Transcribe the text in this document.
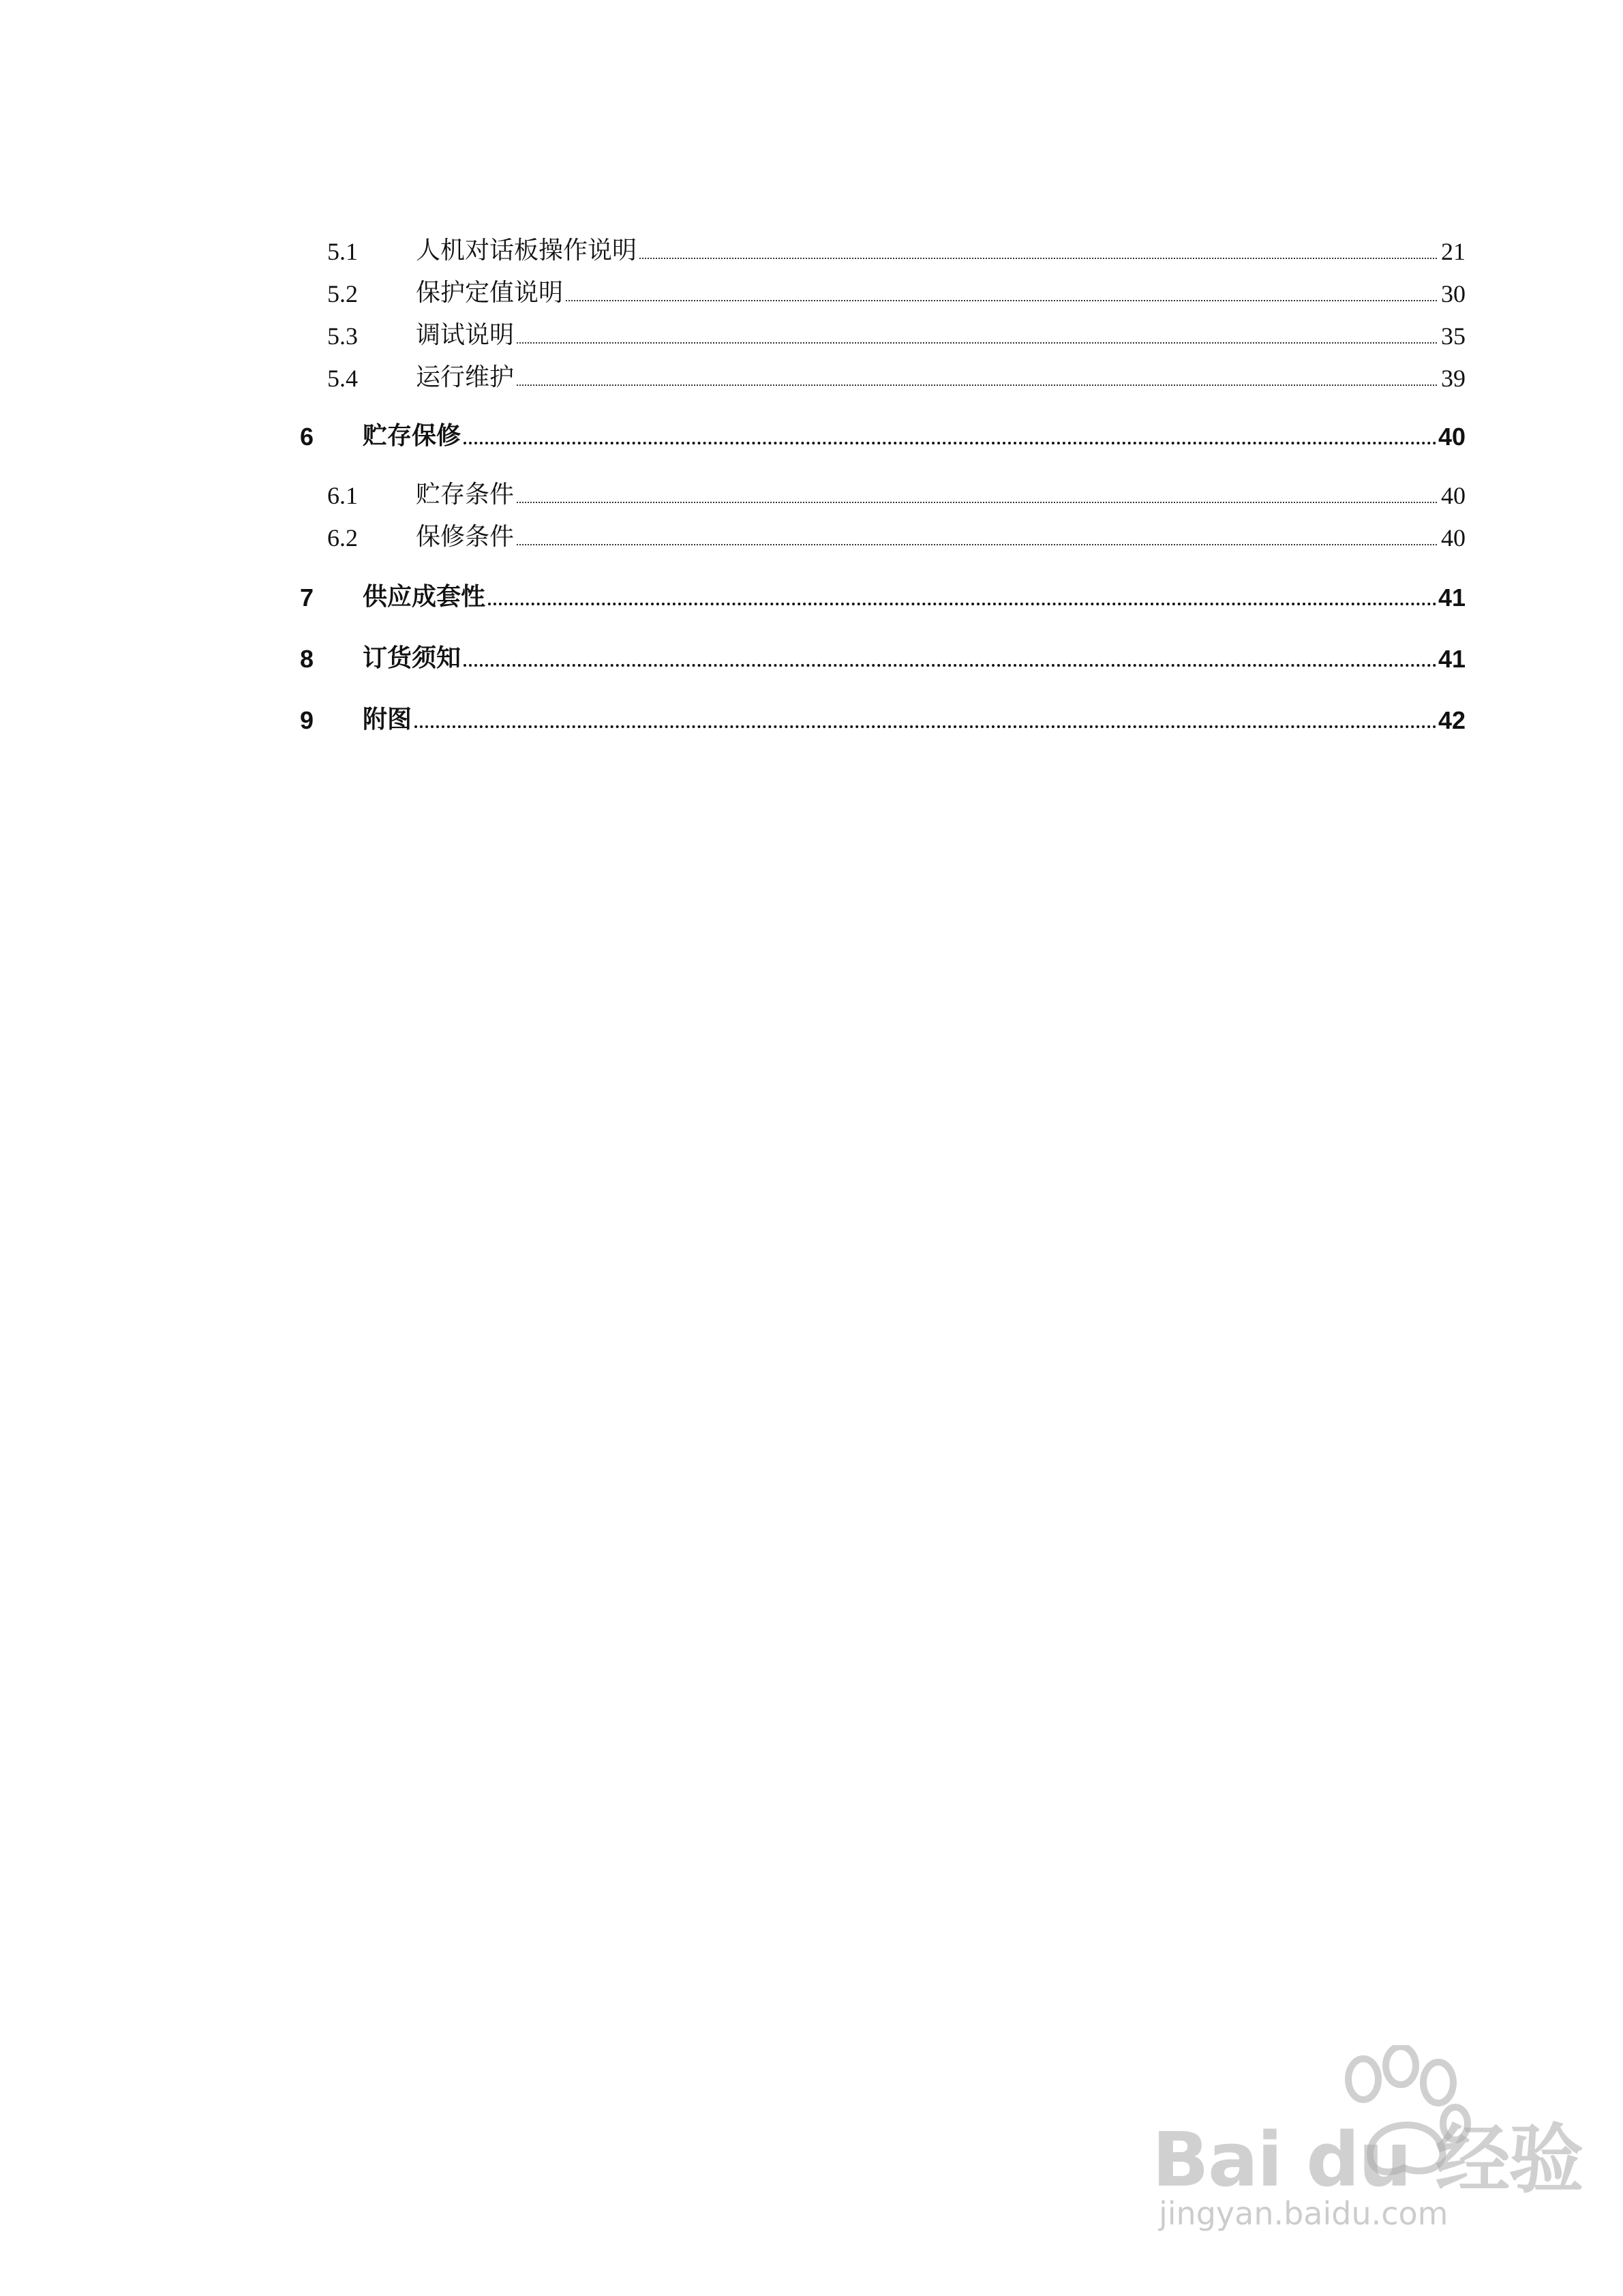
5.1	人机对话板操作说明	21
5.2	保护定值说明	30
5.3	调试说明	35
5.4	运行维护	39
6	贮存保修	40
6.1	贮存条件	40
6.2	保修条件	40
7	供应成套性	41
8	订货须知	41
9	附图	42
Bai du 经验
jingyan.baidu.com
